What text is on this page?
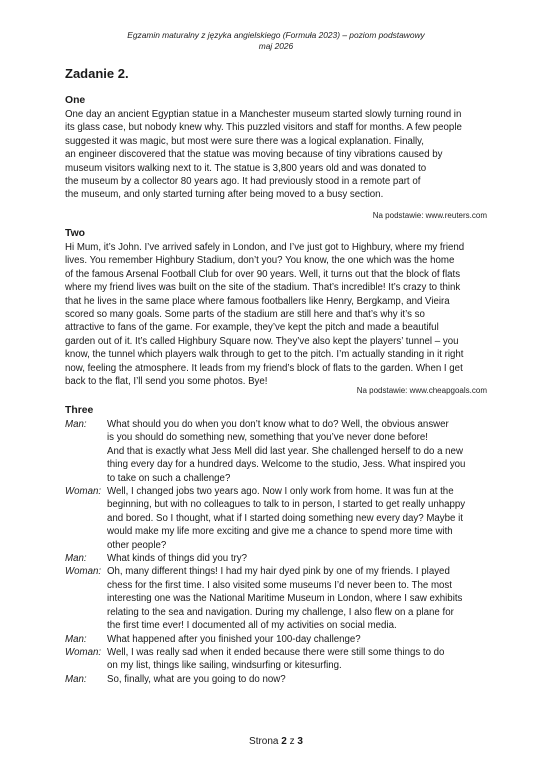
Egzamin maturalny z języka angielskiego (Formuła 2023) – poziom podstawowy
maj 2026
Zadanie 2.
One
One day an ancient Egyptian statue in a Manchester museum started slowly turning round in
its glass case, but nobody knew why. This puzzled visitors and staff for months. A few people
suggested it was magic, but most were sure there was a logical explanation. Finally,
an engineer discovered that the statue was moving because of tiny vibrations caused by
museum visitors walking next to it. The statue is 3,800 years old and was donated to
the museum by a collector 80 years ago. It had previously stood in a remote part of
the museum, and only started turning after being moved to a busy section.
Na podstawie: www.reuters.com
Two
Hi Mum, it’s John. I’ve arrived safely in London, and I’ve just got to Highbury, where my friend
lives. You remember Highbury Stadium, don’t you? You know, the one which was the home
of the famous Arsenal Football Club for over 90 years. Well, it turns out that the block of flats
where my friend lives was built on the site of the stadium. That’s incredible! It’s crazy to think
that he lives in the same place where famous footballers like Henry, Bergkamp, and Vieira
scored so many goals. Some parts of the stadium are still here and that’s why it’s so
attractive to fans of the game. For example, they’ve kept the pitch and made a beautiful
garden out of it. It’s called Highbury Square now. They’ve also kept the players’ tunnel – you
know, the tunnel which players walk through to get to the pitch. I’m actually standing in it right
now, feeling the atmosphere. It leads from my friend’s block of flats to the garden. When I get
back to the flat, I’ll send you some photos. Bye!
Na podstawie: www.cheapgoals.com
Three
Man:	What should you do when you don’t know what to do? Well, the obvious answer
is you should do something new, something that you’ve never done before!
And that is exactly what Jess Mell did last year. She challenged herself to do a new
thing every day for a hundred days. Welcome to the studio, Jess. What inspired you
to take on such a challenge?
Woman: Well, I changed jobs two years ago. Now I only work from home. It was fun at the
beginning, but with no colleagues to talk to in person, I started to get really unhappy
and bored. So I thought, what if I started doing something new every day? Maybe it
would make my life more exciting and give me a chance to spend more time with
other people?
Man:	What kinds of things did you try?
Woman: Oh, many different things! I had my hair dyed pink by one of my friends. I played
chess for the first time. I also visited some museums I’d never been to. The most
interesting one was the National Maritime Museum in London, where I saw exhibits
relating to the sea and navigation. During my challenge, I also flew on a plane for
the first time ever! I documented all of my activities on social media.
Man:	What happened after you finished your 100-day challenge?
Woman: Well, I was really sad when it ended because there were still some things to do
on my list, things like sailing, windsurfing or kitesurfing.
Man:	So, finally, what are you going to do now?
Strona 2 z 3
